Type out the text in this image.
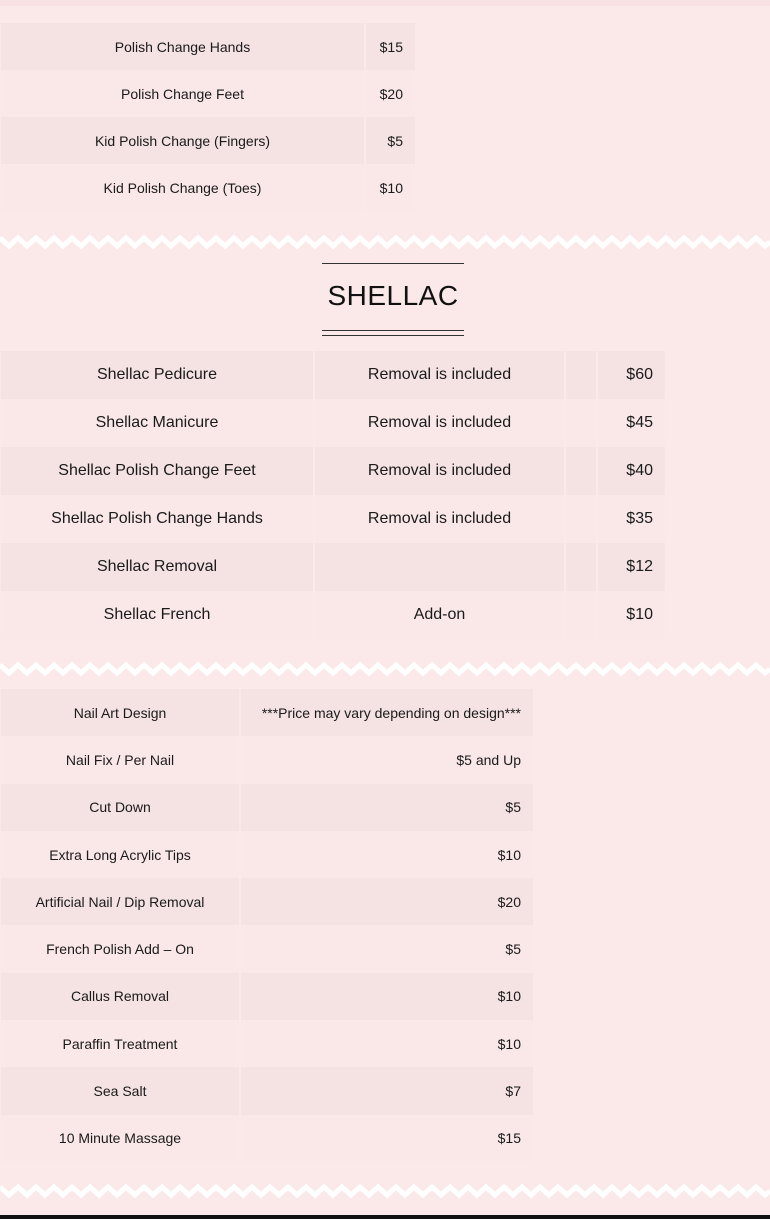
Polish Change Hands	$15
Polish Change Feet	$20
Kid Polish Change (Fingers)	$5
Kid Polish Change (Toes)	$10
SHELLAC
Shellac Pedicure	Removal is included		$60
Shellac Manicure	Removal is included		$45
Shellac Polish Change Feet	Removal is included		$40
Shellac Polish Change Hands	Removal is included		$35
Shellac Removal			$12
Shellac French	Add-on		$10
Nail Art Design	***Price may vary depending on design***
Nail Fix / Per Nail	$5 and Up
Cut Down	$5
Extra Long Acrylic Tips	$10
Artificial Nail / Dip Removal	$20
French Polish Add – On	$5
Callus Removal	$10
Paraffin Treatment	$10
Sea Salt	$7
10 Minute Massage	$15
